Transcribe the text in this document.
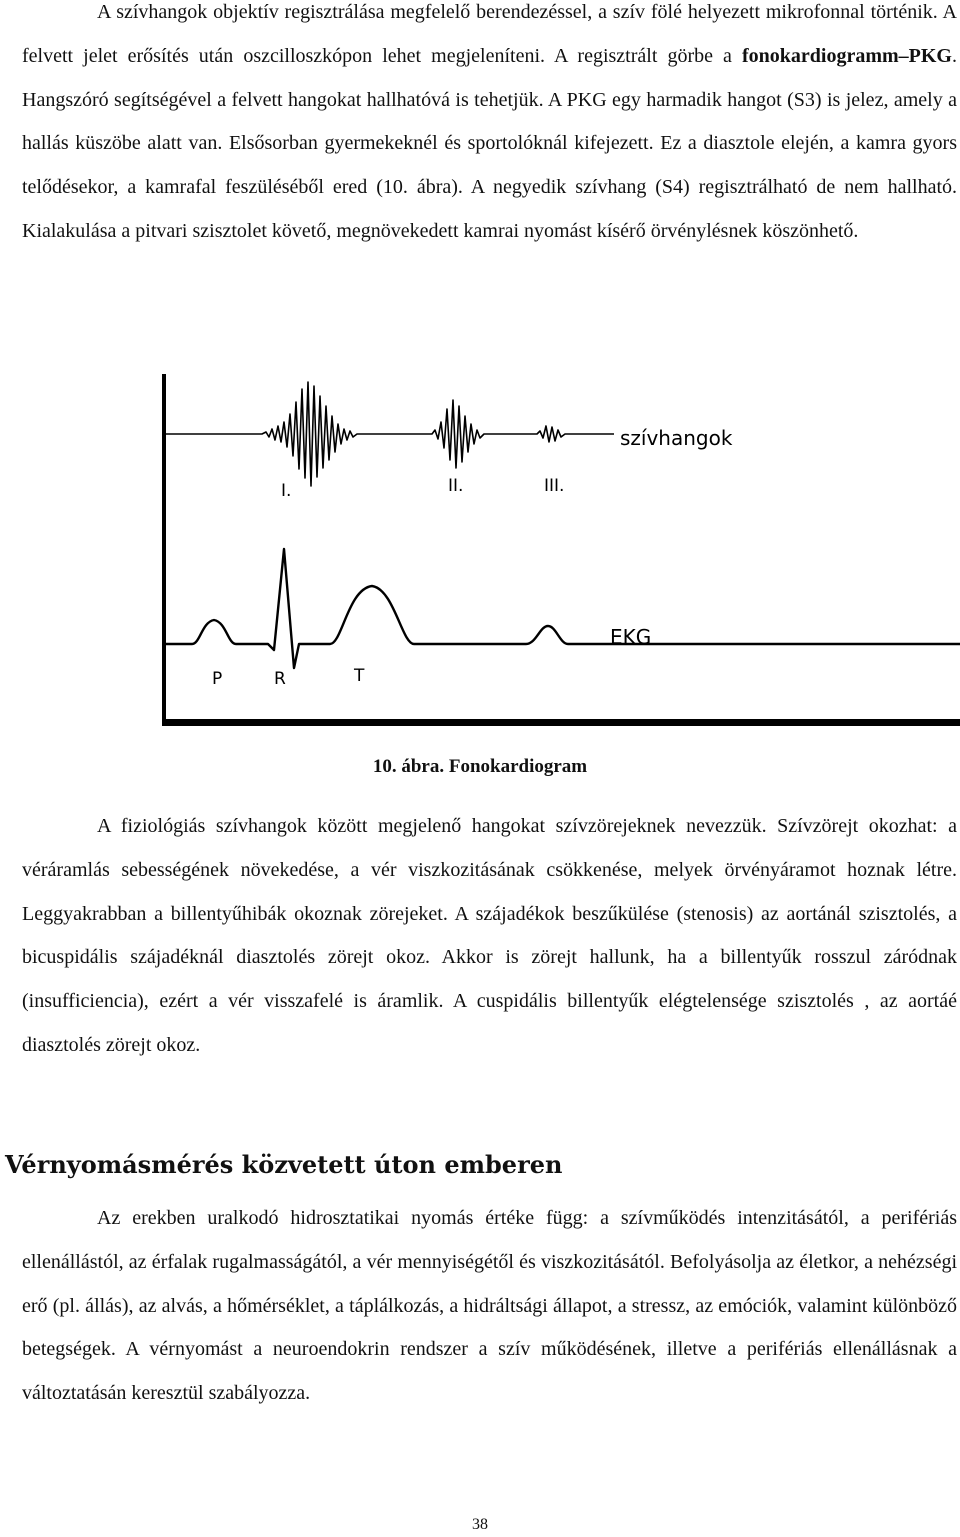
A szívhangok objektív regisztrálása megfelelő berendezéssel, a szív fölé helyezett mikrofonnal történik. A felvett jelet erősítés után oszcilloszkópon lehet megjeleníteni. A regisztrált görbe a fonokardiogramm–PKG. Hangszóró segítségével a felvett hangokat hallhatóvá is tehetjük. A PKG egy harmadik hangot (S3) is jelez, amely a hallás küszöbe alatt van. Elsősorban gyermekeknél és sportolóknál kifejezett. Ez a diasztole elején, a kamra gyors telődésekor, a kamrafal feszüléséből ered (10. ábra). A negyedik szívhang (S4) regisztrálható de nem hallható. Kialakulása a pitvari szisztolet követő, megnövekedett kamrai nyomást kísérő örvénylésnek köszönhető.

szívhangok
I.	II.	III.
EKG
P	R	T

10. ábra. Fonokardiogram

A fiziológiás szívhangok között megjelenő hangokat szívzörejeknek nevezzük. Szívzörejt okozhat: a véráramlás sebességének növekedése, a vér viszkozitásának csökkenése, melyek örvényáramot hoznak létre. Leggyakrabban a billentyűhibák okoznak zörejeket. A szájadékok beszűkülése (stenosis) az aortánál szisztolés, a bicuspidális szájadéknál diasztolés zörejt okoz. Akkor is zörejt hallunk, ha a billentyűk rosszul záródnak (insufficiencia), ezért a vér visszafelé is áramlik. A cuspidális billentyűk elégtelensége szisztolés , az aortáé diasztolés zörejt okoz.

Vérnyomásmérés közvetett úton emberen

Az erekben uralkodó hidrosztatikai nyomás értéke függ: a szívműködés intenzitásától, a perifériás ellenállástól, az érfalak rugalmasságától, a vér mennyiségétől és viszkozitásától. Befolyásolja az életkor, a nehézségi erő (pl. állás), az alvás, a hőmérséklet, a táplálkozás, a hidráltsági állapot, a stressz, az emóciók, valamint különböző betegségek. A vérnyomást a neuroendokrin rendszer a szív működésének, illetve a perifériás ellenállásnak a változtatásán keresztül szabályozza.

38
